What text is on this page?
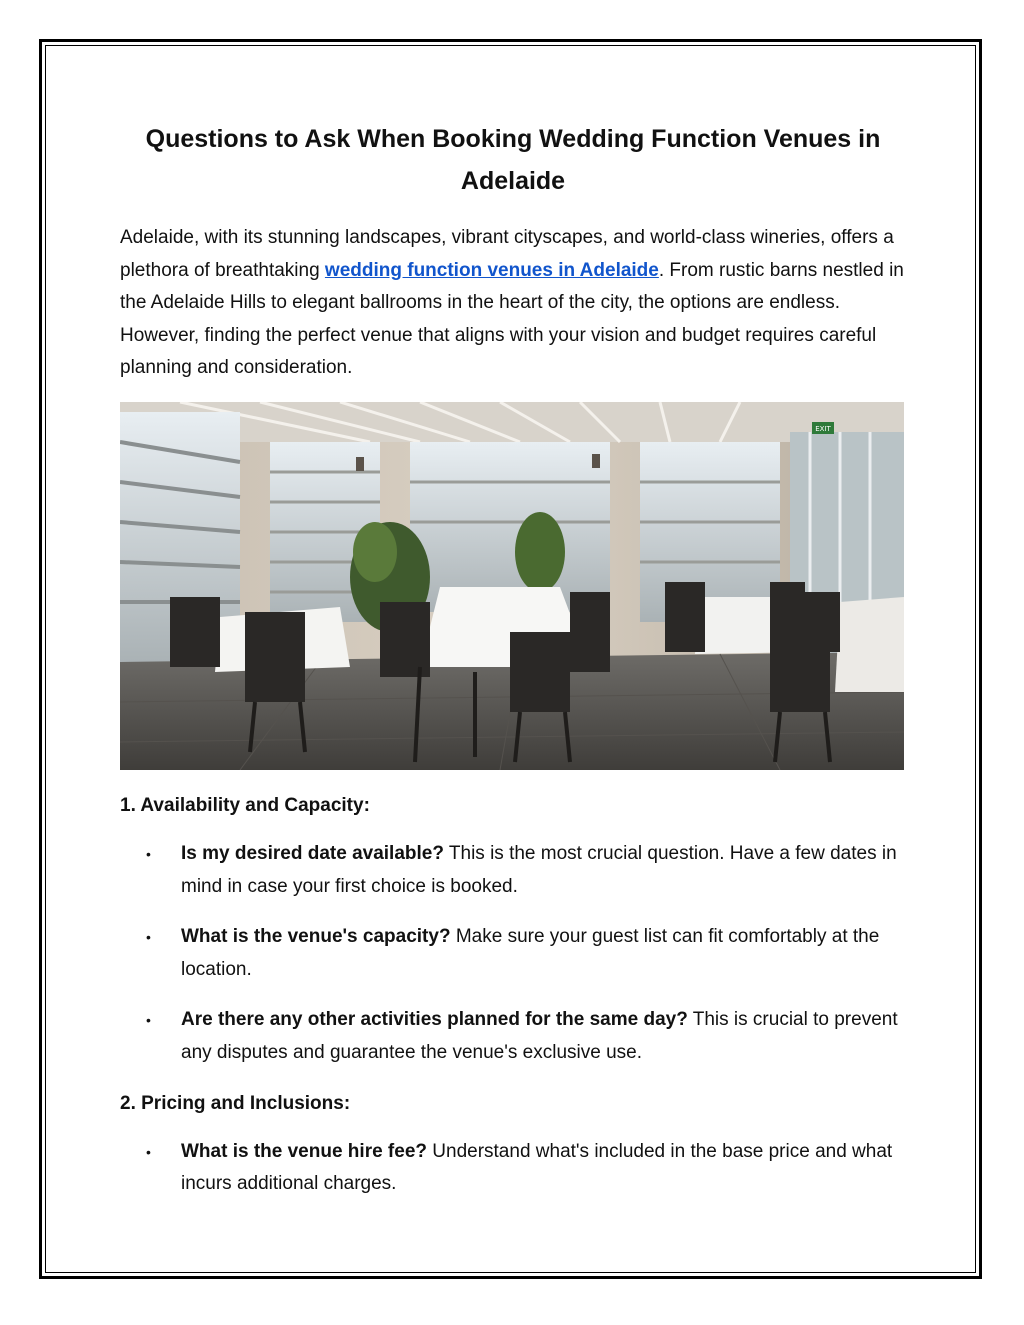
Questions to Ask When Booking Wedding Function Venues in Adelaide

Adelaide, with its stunning landscapes, vibrant cityscapes, and world-class wineries, offers a plethora of breathtaking wedding function venues in Adelaide. From rustic barns nestled in the Adelaide Hills to elegant ballrooms in the heart of the city, the options are endless. However, finding the perfect venue that aligns with your vision and budget requires careful planning and consideration.

EXIT
1. Availability and Capacity:
• Is my desired date available? This is the most crucial question. Have a few dates in mind in case your first choice is booked.
• What is the venue's capacity? Make sure your guest list can fit comfortably at the location.
• Are there any other activities planned for the same day? This is crucial to prevent any disputes and guarantee the venue's exclusive use.
2. Pricing and Inclusions:
• What is the venue hire fee? Understand what's included in the base price and what incurs additional charges.
